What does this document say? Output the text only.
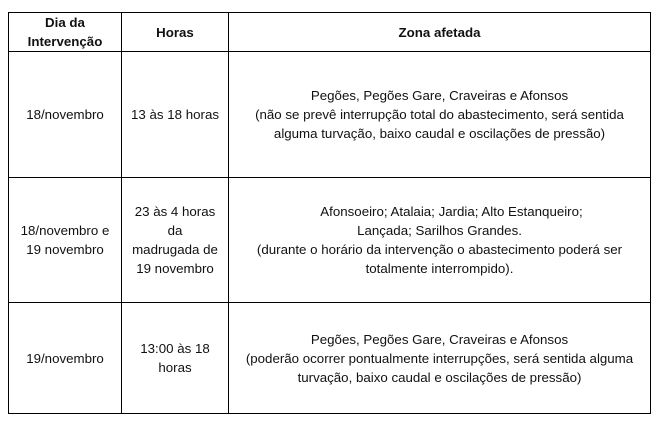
Dia da
Intervenção	Horas	Zona afetada

18/novembro	13 às 18 horas	Pegões, Pegões Gare, Craveiras e Afonsos
(não se prevê interrupção total do abastecimento, será sentida
alguma turvação, baixo caudal e oscilações de pressão)

18/novembro e
19 novembro	23 às 4 horas da
madrugada de
19 novembro	Afonsoeiro; Atalaia; Jardia; Alto Estanqueiro;
Lançada; Sarilhos Grandes.
(durante o horário da intervenção o abastecimento poderá ser
totalmente interrompido).

19/novembro	13:00 às 18
horas	Pegões, Pegões Gare, Craveiras e Afonsos
(poderão ocorrer pontualmente interrupções, será sentida alguma
turvação, baixo caudal e oscilações de pressão)
